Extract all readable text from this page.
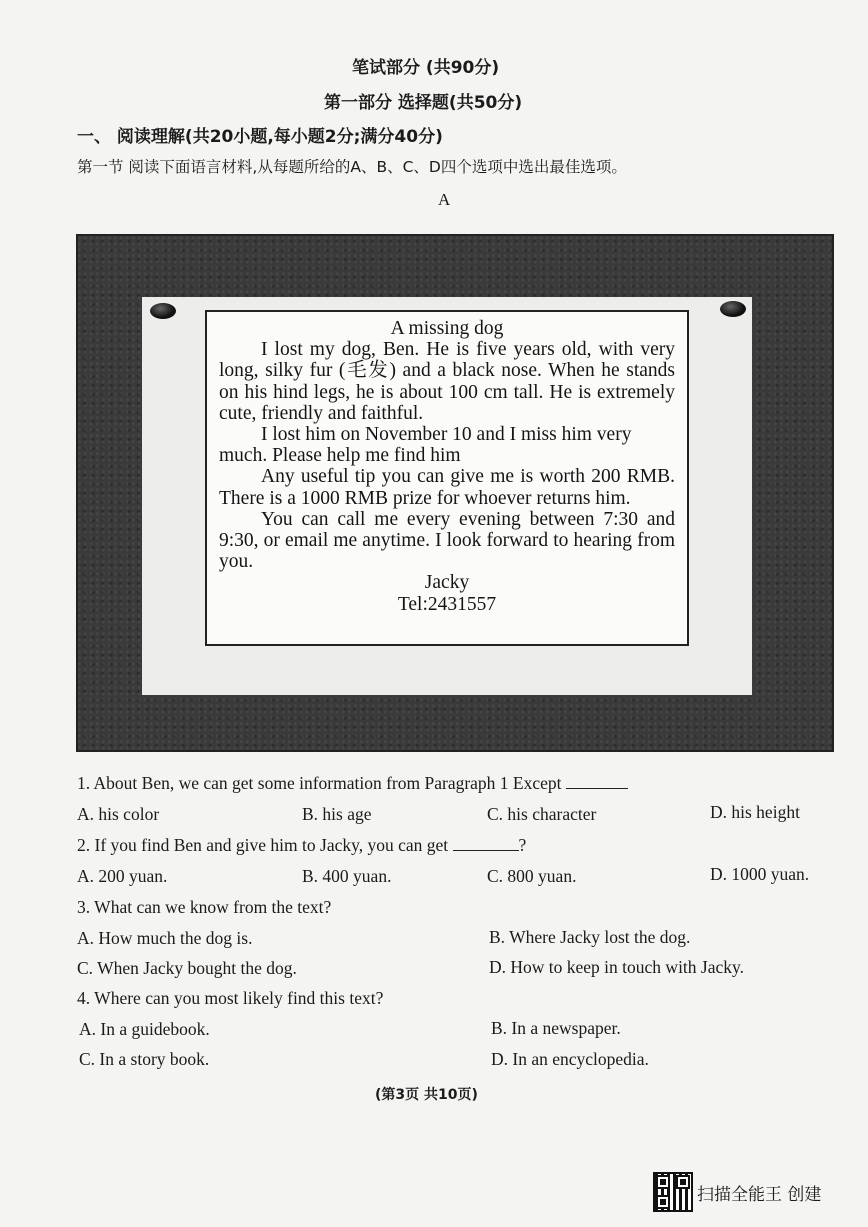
笔试部分 (共90分)
第一部分 选择题(共50分)
一、 阅读理解(共20小题,每小题2分;满分40分)
第一节 阅读下面语言材料,从每题所给的A、B、C、D四个选项中选出最佳选项。
A

A missing dog

I lost my dog, Ben. He is five years old, with very long, silky fur (毛发) and a black nose. When he stands on his hind legs, he is about 100 cm tall. He is extremely cute, friendly and faithful.

I lost him on November 10 and I miss him very much. Please help me find him

Any useful tip you can give me is worth 200 RMB. There is a 1000 RMB prize for whoever returns him.

You can call me every evening between 7:30 and 9:30, or email me anytime. I look forward to hearing from you.

Jacky

Tel:2431557

1. About Ben, we can get some information from Paragraph 1 Except
A. his color	B. his age	C. his character	D. his height
2. If you find Ben and give him to Jacky, you can get	?
A. 200 yuan.	B. 400 yuan.	C. 800 yuan.	D. 1000 yuan.
3. What can we know from the text?
A. How much the dog is.	B. Where Jacky lost the dog.
C. When Jacky bought the dog.	D. How to keep in touch with Jacky.
4. Where can you most likely find this text?
A. In a guidebook.	B. In a newspaper.
C. In a story book.	D. In an encyclopedia.
(第3页 共10页)
扫描全能王 创建
